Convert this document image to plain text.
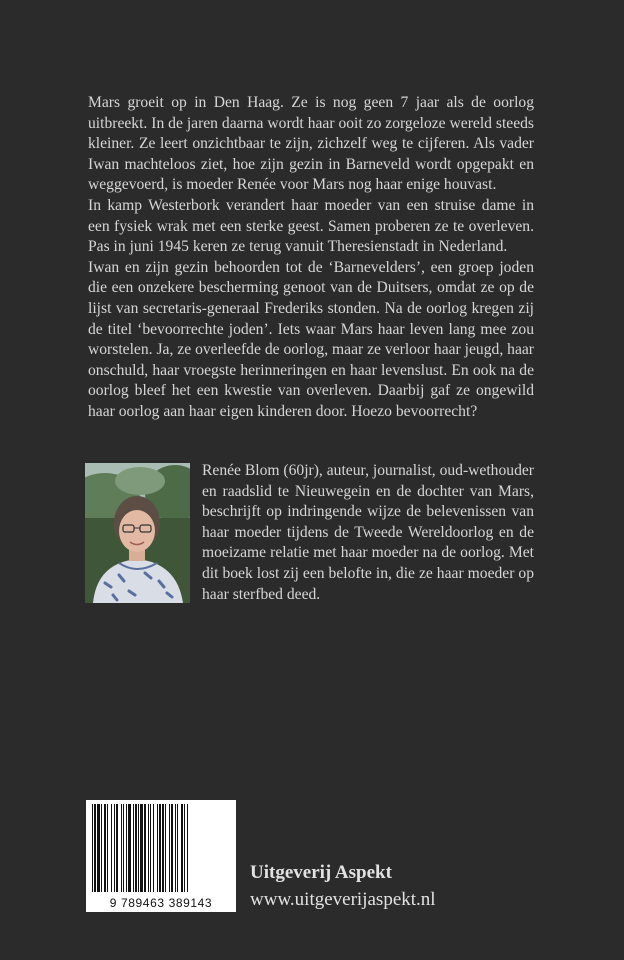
Mars groeit op in Den Haag. Ze is nog geen 7 jaar als de oorlog uitbreekt. In de jaren daarna wordt haar ooit zo zorgeloze wereld steeds kleiner. Ze leert onzichtbaar te zijn, zichzelf weg te cijferen. Als vader Iwan machteloos ziet, hoe zijn gezin in Barneveld wordt opgepakt en weggevoerd, is moeder Renée voor Mars nog haar enige houvast.

In kamp Westerbork verandert haar moeder van een struise dame in een fysiek wrak met een sterke geest. Samen proberen ze te overleven. Pas in juni 1945 keren ze terug vanuit Theresienstadt in Nederland.

Iwan en zijn gezin behoorden tot de ‘Barnevelders’, een groep joden die een onzekere bescherming genoot van de Duitsers, omdat ze op de lijst van secretaris-generaal Frederiks stonden. Na de oorlog kregen zij de titel ‘bevoorrechte joden’. Iets waar Mars haar leven lang mee zou worstelen. Ja, ze overleefde de oorlog, maar ze verloor haar jeugd, haar onschuld, haar vroegste herinneringen en haar levenslust. En ook na de oorlog bleef het een kwestie van overleven. Daarbij gaf ze ongewild haar oorlog aan haar eigen kinderen door. Hoezo bevoorrecht?

Renée Blom (60jr), auteur, journalist, oud-wethouder en raadslid te Nieuwegein en de dochter van Mars, beschrijft op indringende wijze de belevenissen van haar moeder tijdens de Tweede Wereldoorlog en de moeizame relatie met haar moeder na de oorlog. Met dit boek lost zij een belofte in, die ze haar moeder op haar sterfbed deed.
9 789463 389143
Uitgeverij Aspekt
www.uitgeverijaspekt.nl
